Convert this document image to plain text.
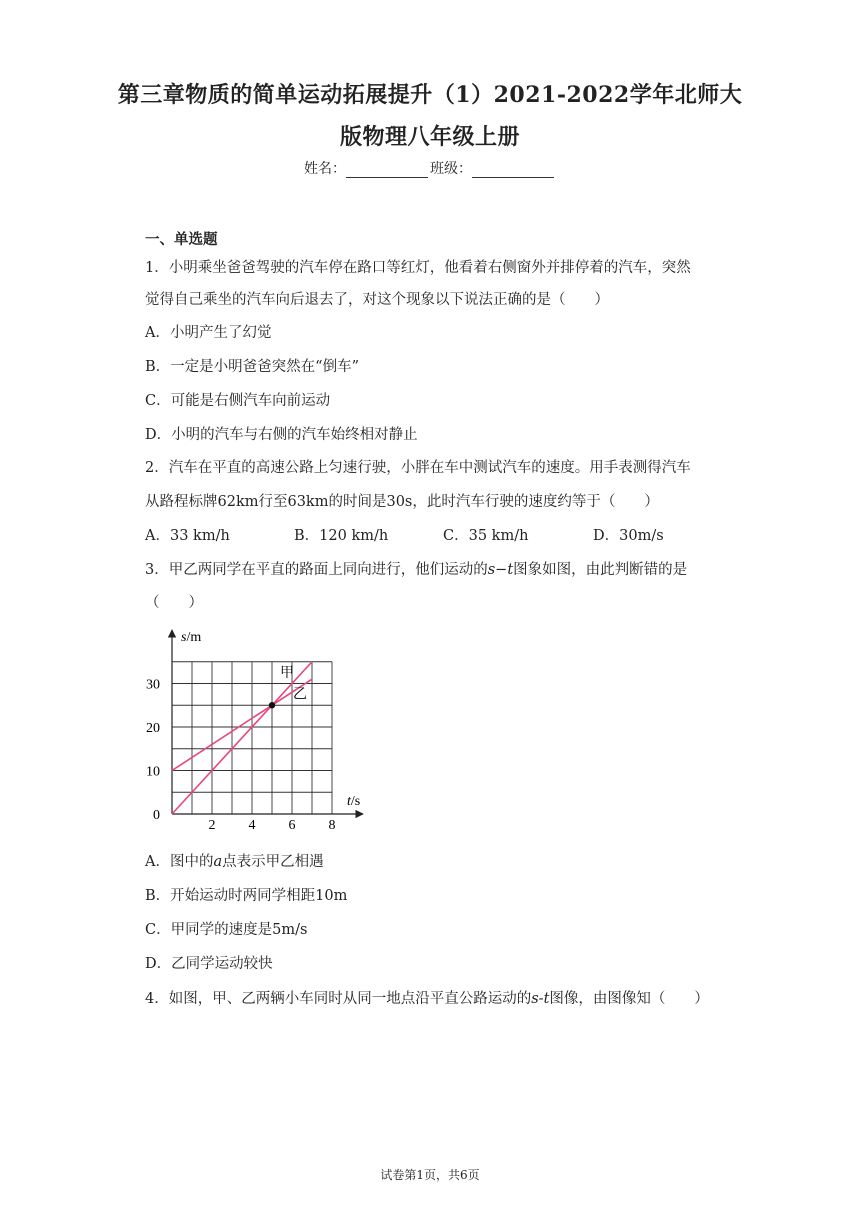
第三章物质的简单运动拓展提升（1）2021-2022学年北师大
版物理八年级上册
姓名：	班级：
一、单选题
1．小明乘坐爸爸驾驶的汽车停在路口等红灯，他看着右侧窗外并排停着的汽车，突然
觉得自己乘坐的汽车向后退去了，对这个现象以下说法正确的是（　　）
A．小明产生了幻觉
B．一定是小明爸爸突然在“倒车”
C．可能是右侧汽车向前运动
D．小明的汽车与右侧的汽车始终相对静止
2．汽车在平直的高速公路上匀速行驶，小胖在车中测试汽车的速度。用手表测得汽车
从路程标牌62km行至63km的时间是30s，此时汽车行驶的速度约等于（　　）
A．33 km/h	B．120 km/h	C．35 km/h	D．30m/s
3．甲乙两同学在平直的路面上同向进行，他们运动的s−t图象如图，由此判断错的是
（　　）
s/m
t/s
0
10
20
30
2 4 6 8
甲
乙
A．图中的a点表示甲乙相遇
B．开始运动时两同学相距10m
C．甲同学的速度是5m/s
D．乙同学运动较快
4．如图，甲、乙两辆小车同时从同一地点沿平直公路运动的s-t图像，由图像知（　　）
试卷第1页，共6页
